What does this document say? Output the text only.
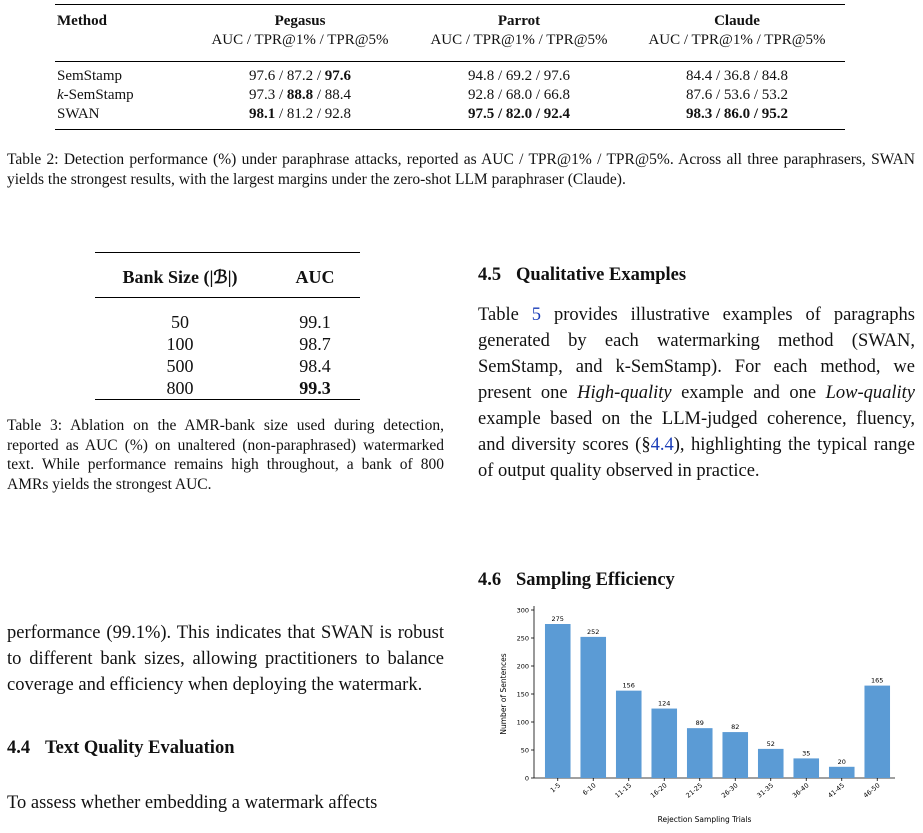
Method	Pegasus	Parrot	Claude
AUC / TPR@1% / TPR@5%	AUC / TPR@1% / TPR@5%	AUC / TPR@1% / TPR@5%
SemStamp	97.6 / 87.2 / 97.6	94.8 / 69.2 / 97.6	84.4 / 36.8 / 84.8
k-SemStamp	97.3 / 88.8 / 88.4	92.8 / 68.0 / 66.8	87.6 / 53.6 / 53.2
SWAN	98.1 / 81.2 / 92.8	97.5 / 82.0 / 92.4	98.3 / 86.0 / 95.2
Table 2: Detection performance (%) under paraphrase attacks, reported as AUC / TPR@1% / TPR@5%. Across all three paraphrasers, SWAN yields the strongest results, with the largest margins under the zero-shot LLM paraphraser (Claude).
Bank Size (|ℬ|)	AUC
50	99.1
100	98.7
500	98.4
800	99.3
Table 3: Ablation on the AMR-bank size used during detection, reported as AUC (%) on unaltered (non-paraphrased) watermarked text. While performance remains high throughout, a bank of 800 AMRs yields the strongest AUC.
performance (99.1%). This indicates that SWAN is robust to different bank sizes, allowing practitioners to balance coverage and efficiency when deploying the watermark.
4.4 Text Quality Evaluation
To assess whether embedding a watermark affects
4.5 Qualitative Examples
Table 5 provides illustrative examples of paragraphs generated by each watermarking method (SWAN, SemStamp, and k-SemStamp). For each method, we present one High-quality example and one Low-quality example based on the LLM-judged coherence, fluency, and diversity scores (§4.4), highlighting the typical range of output quality observed in practice.
4.6 Sampling Efficiency
0
50
100
150
200
250
300
Number of Sentences
275
1-5
252
6-10
156
11-15
124
16-20
89
21-25
82
26-30
52
31-35
35
36-40
20
41-45
165
46-50
Rejection Sampling Trials
